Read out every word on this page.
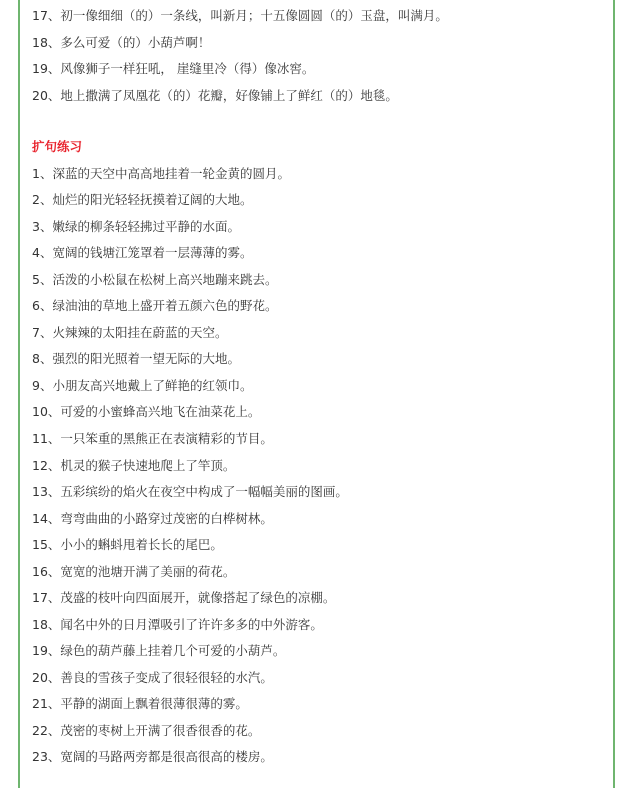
17、初一像细细（的）一条线，叫新月；十五像圆圆（的）玉盘，叫满月。
18、多么可爱（的）小葫芦啊！
19、风像狮子一样狂吼， 崖缝里冷（得）像冰窖。
20、地上撒满了凤凰花（的）花瓣，好像铺上了鲜红（的）地毯。
扩句练习
1、深蓝的天空中高高地挂着一轮金黄的圆月。
2、灿烂的阳光轻轻抚摸着辽阔的大地。
3、嫩绿的柳条轻轻拂过平静的水面。
4、宽阔的钱塘江笼罩着一层薄薄的雾。
5、活泼的小松鼠在松树上高兴地蹦来跳去。
6、绿油油的草地上盛开着五颜六色的野花。
7、火辣辣的太阳挂在蔚蓝的天空。
8、强烈的阳光照着一望无际的大地。
9、小朋友高兴地戴上了鲜艳的红领巾。
10、可爱的小蜜蜂高兴地飞在油菜花上。
11、一只笨重的黑熊正在表演精彩的节目。
12、机灵的猴子快速地爬上了竿顶。
13、五彩缤纷的焰火在夜空中构成了一幅幅美丽的图画。
14、弯弯曲曲的小路穿过茂密的白桦树林。
15、小小的蝌蚪甩着长长的尾巴。
16、宽宽的池塘开满了美丽的荷花。
17、茂盛的枝叶向四面展开，就像搭起了绿色的凉棚。
18、闻名中外的日月潭吸引了许许多多的中外游客。
19、绿色的葫芦藤上挂着几个可爱的小葫芦。
20、善良的雪孩子变成了很轻很轻的水汽。
21、平静的湖面上飘着很薄很薄的雾。
22、茂密的枣树上开满了很香很香的花。
23、宽阔的马路两旁都是很高很高的楼房。
